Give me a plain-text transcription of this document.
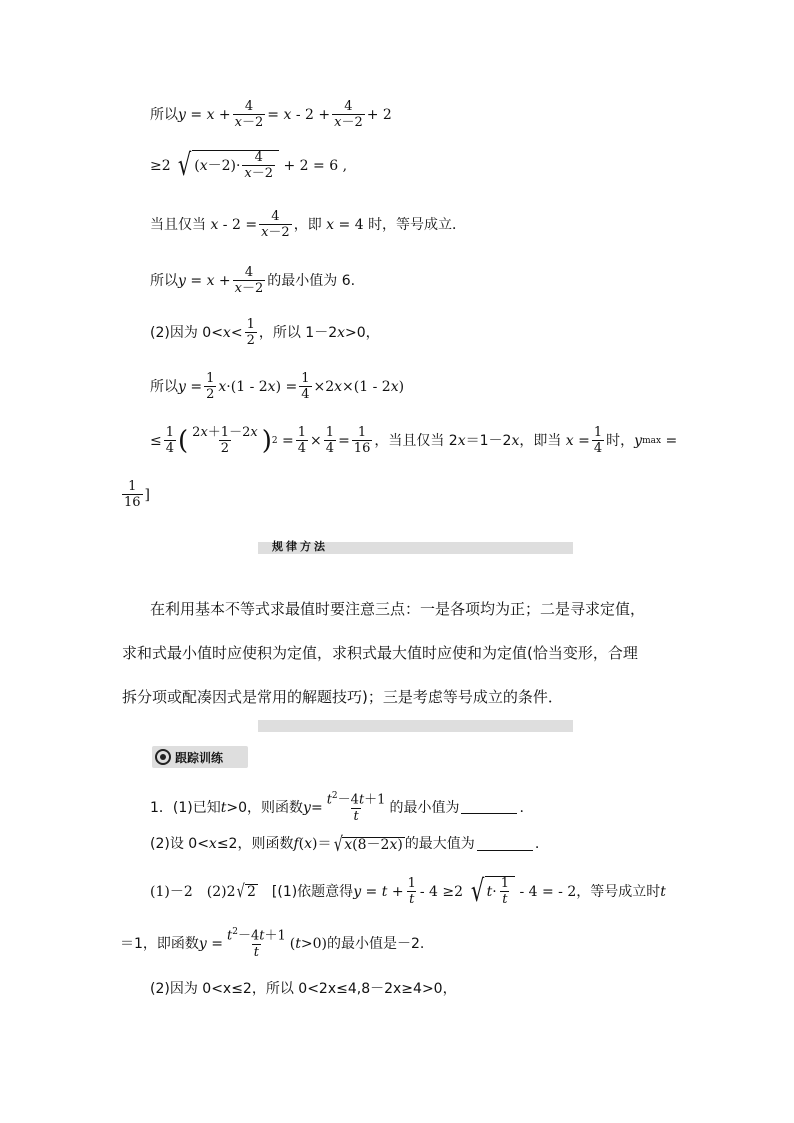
所以 $y = x + \frac{4}{x-2} = x - 2 + \frac{4}{x-2} + 2$
≥2 √ ( $x -2)\cdot \frac{4}{x-2} + 2 = 6$ ,
当且仅当
$x - 2 = \frac{4}{x-2}$ ，即
x = 4 时，等号成立．
所以 $y = x + \frac{4}{x-2}$ 的最小值为 6.
(2)因为 $0< x < \frac{1}{2}$ ，所以 1－2 x >0，
所以 $y = \frac{1}{2}$ x ·(1 - 2 x ) = $\frac{1}{4} \times 2$ x ×(1 - 2 x )
≤ $\frac{1}{4}$ ( $\frac{2x+1-2x}{2}$ ) $2 = \frac{1}{4} \times \frac{1}{4} = \frac{1}{16}$ ，当且仅当 2 x ＝1－2 x ，即当
$x = \frac{1}{4}$ 时， y max =
$\frac{1}{16}$ ]
规律方法
在利用基本不等式求最值时要注意三点：一是各项均为正；二是寻求定值，
求和式最小值时应使积为定值，求积式最大值时应使和为定值(恰当变形，合理
拆分项或配凑因式是常用的解题技巧)；三是考虑等号成立的条件．
跟踪训练
1．(1)已知 t >0，则函数 $y = \frac{t^2-4t+1}{t}$ 的最小值为	.
(2)设 0< x ≤2，则函数 f ( x )＝ √ x (8－2 x ) 的最大值为	.
(1)－2　(2)2 √ 2 　[(1)依题意得 $y = t + \frac{1}{t} - 4 \ge 2$ √ $t \cdot \frac{1}{t} - 4$ = - 2 ，等号成立时 t
＝1，即函数 $y = \frac{t^2-4t+1}{t}$ ( t >0) 的最小值是－2.
(2)因为 0<x≤2，所以 0<2x≤4,8－2x≥4>0，
